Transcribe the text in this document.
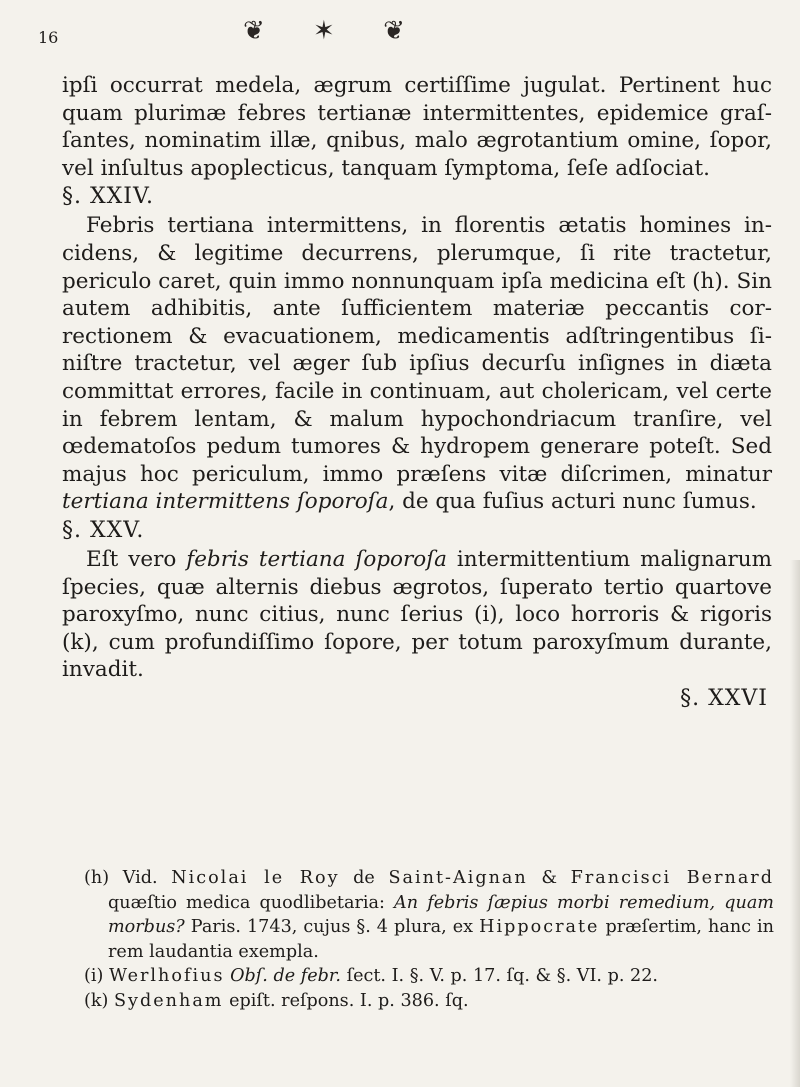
16	❦ ✶ ❦

ipſi occurrat medela, ægrum certiſſime jugulat. Pertinent huc quam plurimæ febres tertianæ intermittentes, epidemice graſſantes, nominatim illæ, qnibus, malo ægrotantium omine, ſopor, vel inſultus apoplecticus, tanquam ſymptoma, ſeſe adſociat.

§. XXIV.

Febris tertiana intermittens, in florentis ætatis homines incidens, & legitime decurrens, plerumque, ſi rite tractetur, periculo caret, quin immo nonnunquam ipſa medicina eſt (h). Sin autem adhibitis, ante ſufficientem materiæ peccantis correctionem & evacuationem, medicamentis adſtringentibus ſiniſtre tractetur, vel æger ſub ipſius decurſu inſignes in diæta committat errores, facile in continuam, aut cholericam, vel certe in febrem lentam, & malum hypochondriacum tranſire, vel œdematoſos pedum tumores & hydropem generare poteſt. Sed majus hoc periculum, immo præſens vitæ diſcrimen, minatur tertiana intermittens ſoporoſa, de qua fuſius acturi nunc ſumus.

§. XXV.

Eſt vero febris tertiana ſoporoſa intermittentium malignarum ſpecies, quæ alternis diebus ægrotos, ſuperato tertio quartove paroxyſmo, nunc citius, nunc ſerius (i), loco horroris & rigoris (k), cum profundiſſimo ſopore, per totum paroxyſmum durante, invadit.

§. XXVI

(h) Vid. Nicolai le Roy de Saint-Aignan & Francisci Bernard quæſtio medica quodlibetaria: An febris ſæpius morbi remedium, quam morbus? Paris. 1743, cujus §. 4 plura, ex Hippocrate præſertim, hanc in rem laudantia exempla.

(i) Werlhofius Obſ. de febr. ſect. I. §. V. p. 17. ſq. & §. VI. p. 22.

(k) Sydenham epiſt. reſpons. I. p. 386. ſq.
